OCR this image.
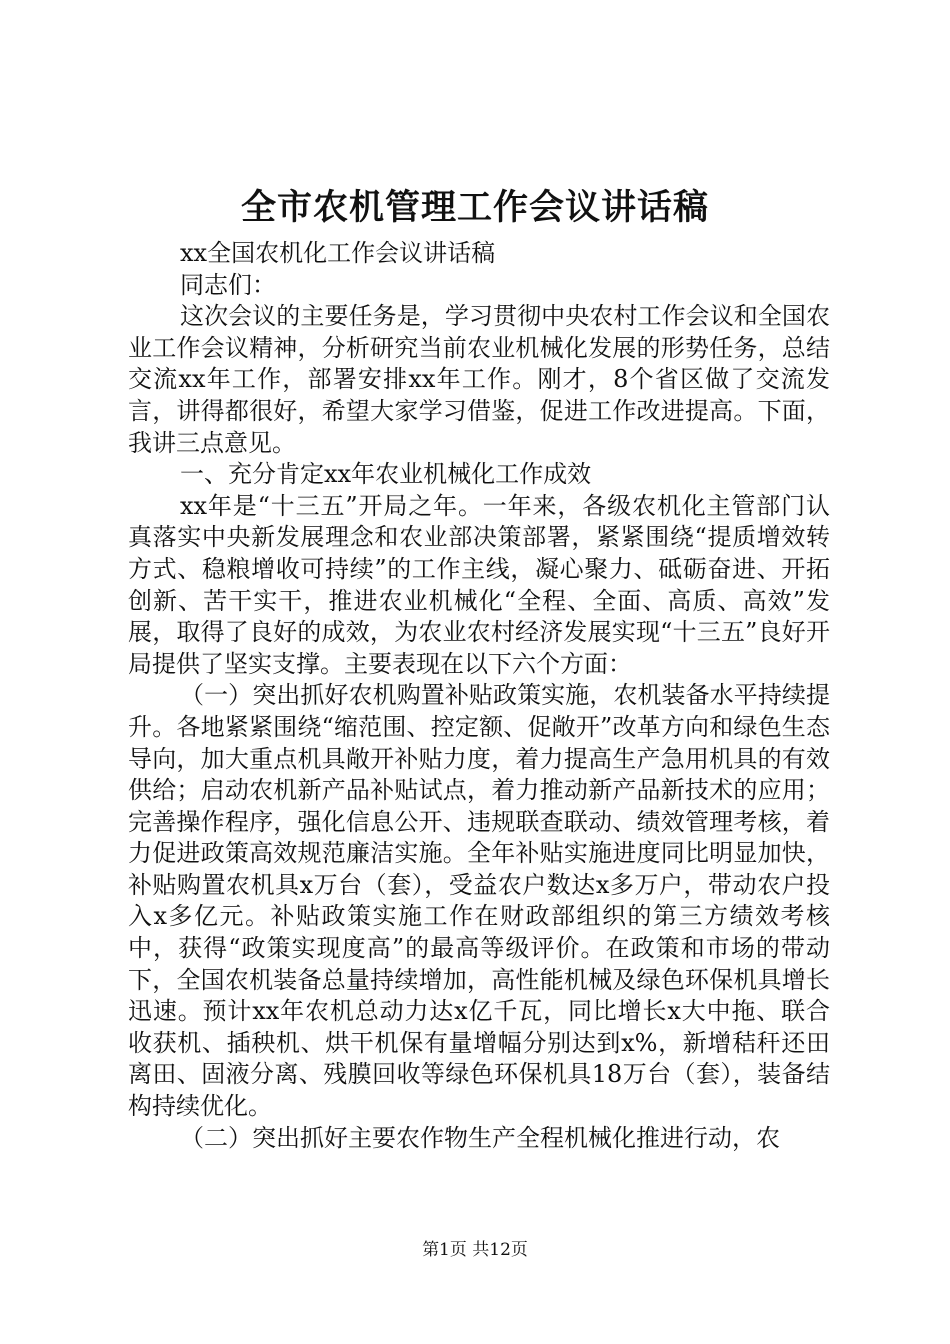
全市农机管理工作会议讲话稿

xx全国农机化工作会议讲话稿

同志们：

这次会议的主要任务是，学习贯彻中央农村工作会议和全国农业工作会议精神，分析研究当前农业机械化发展的形势任务，总结交流xx年工作，部署安排xx年工作。刚才，8个省区做了交流发言，讲得都很好，希望大家学习借鉴，促进工作改进提高。下面，我讲三点意见。

一、充分肯定xx年农业机械化工作成效

xx年是“十三五”开局之年。一年来，各级农机化主管部门认真落实中央新发展理念和农业部决策部署，紧紧围绕“提质增效转方式、稳粮增收可持续”的工作主线，凝心聚力、砥砺奋进、开拓创新、苦干实干，推进农业机械化“全程、全面、高质、高效”发展，取得了良好的成效，为农业农村经济发展实现“十三五”良好开局提供了坚实支撑。主要表现在以下六个方面：

（一）突出抓好农机购置补贴政策实施，农机装备水平持续提升。各地紧紧围绕“缩范围、控定额、促敞开”改革方向和绿色生态导向，加大重点机具敞开补贴力度，着力提高生产急用机具的有效供给；启动农机新产品补贴试点，着力推动新产品新技术的应用；完善操作程序，强化信息公开、违规联查联动、绩效管理考核，着力促进政策高效规范廉洁实施。全年补贴实施进度同比明显加快，补贴购置农机具x万台（套），受益农户数达x多万户，带动农户投入x多亿元。补贴政策实施工作在财政部组织的第三方绩效考核中，获得“政策实现度高”的最高等级评价。在政策和市场的带动下，全国农机装备总量持续增加，高性能机械及绿色环保机具增长迅速。预计xx年农机总动力达x亿千瓦，同比增长x大中拖、联合收获机、插秧机、烘干机保有量增幅分别达到x%，新增秸秆还田离田、固液分离、残膜回收等绿色环保机具18万台（套），装备结构持续优化。

（二）突出抓好主要农作物生产全程机械化推进行动，农

第1页 共12页
